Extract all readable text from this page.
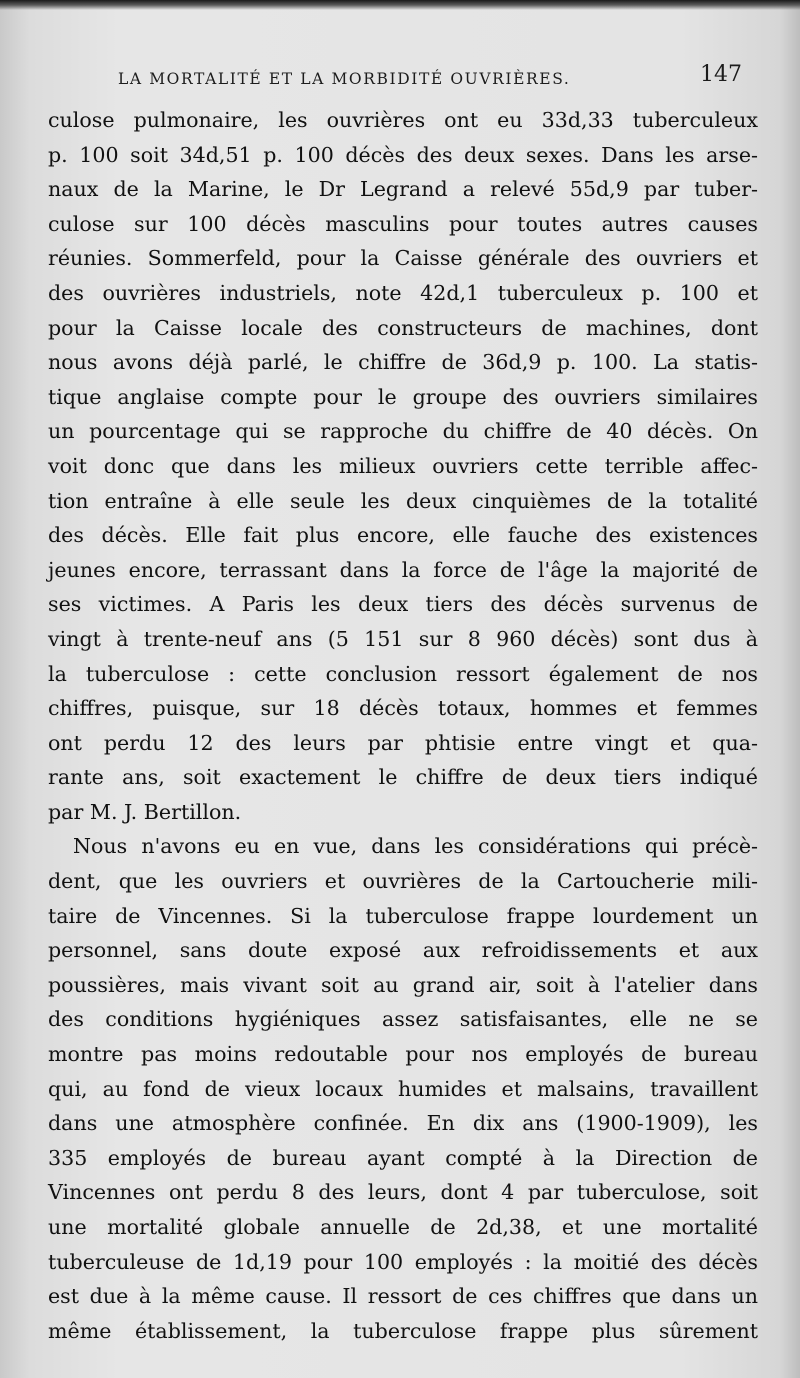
LA MORTALITÉ ET LA MORBIDITÉ OUVRIÈRES.	147
culose pulmonaire, les ouvrières ont eu 33d,33 tuberculeux
p. 100 soit 34d,51 p. 100 décès des deux sexes. Dans les arse-
naux de la Marine, le Dr Legrand a relevé 55d,9 par tuber-
culose sur 100 décès masculins pour toutes autres causes
réunies. Sommerfeld, pour la Caisse générale des ouvriers et
des ouvrières industriels, note 42d,1 tuberculeux p. 100 et
pour la Caisse locale des constructeurs de machines, dont
nous avons déjà parlé, le chiffre de 36d,9 p. 100. La statis-
tique anglaise compte pour le groupe des ouvriers similaires
un pourcentage qui se rapproche du chiffre de 40 décès. On
voit donc que dans les milieux ouvriers cette terrible affec-
tion entraîne à elle seule les deux cinquièmes de la totalité
des décès. Elle fait plus encore, elle fauche des existences
jeunes encore, terrassant dans la force de l'âge la majorité de
ses victimes. A Paris les deux tiers des décès survenus de
vingt à trente-neuf ans (5 151 sur 8 960 décès) sont dus à
la tuberculose : cette conclusion ressort également de nos
chiffres, puisque, sur 18 décès totaux, hommes et femmes
ont perdu 12 des leurs par phtisie entre vingt et qua-
rante ans, soit exactement le chiffre de deux tiers indiqué
par M. J. Bertillon.
Nous n'avons eu en vue, dans les considérations qui précè-
dent, que les ouvriers et ouvrières de la Cartoucherie mili-
taire de Vincennes. Si la tuberculose frappe lourdement un
personnel, sans doute exposé aux refroidissements et aux
poussières, mais vivant soit au grand air, soit à l'atelier dans
des conditions hygiéniques assez satisfaisantes, elle ne se
montre pas moins redoutable pour nos employés de bureau
qui, au fond de vieux locaux humides et malsains, travaillent
dans une atmosphère confinée. En dix ans (1900-1909), les
335 employés de bureau ayant compté à la Direction de
Vincennes ont perdu 8 des leurs, dont 4 par tuberculose, soit
une mortalité globale annuelle de 2d,38, et une mortalité
tuberculeuse de 1d,19 pour 100 employés : la moitié des décès
est due à la même cause. Il ressort de ces chiffres que dans un
même établissement, la tuberculose frappe plus sûrement
